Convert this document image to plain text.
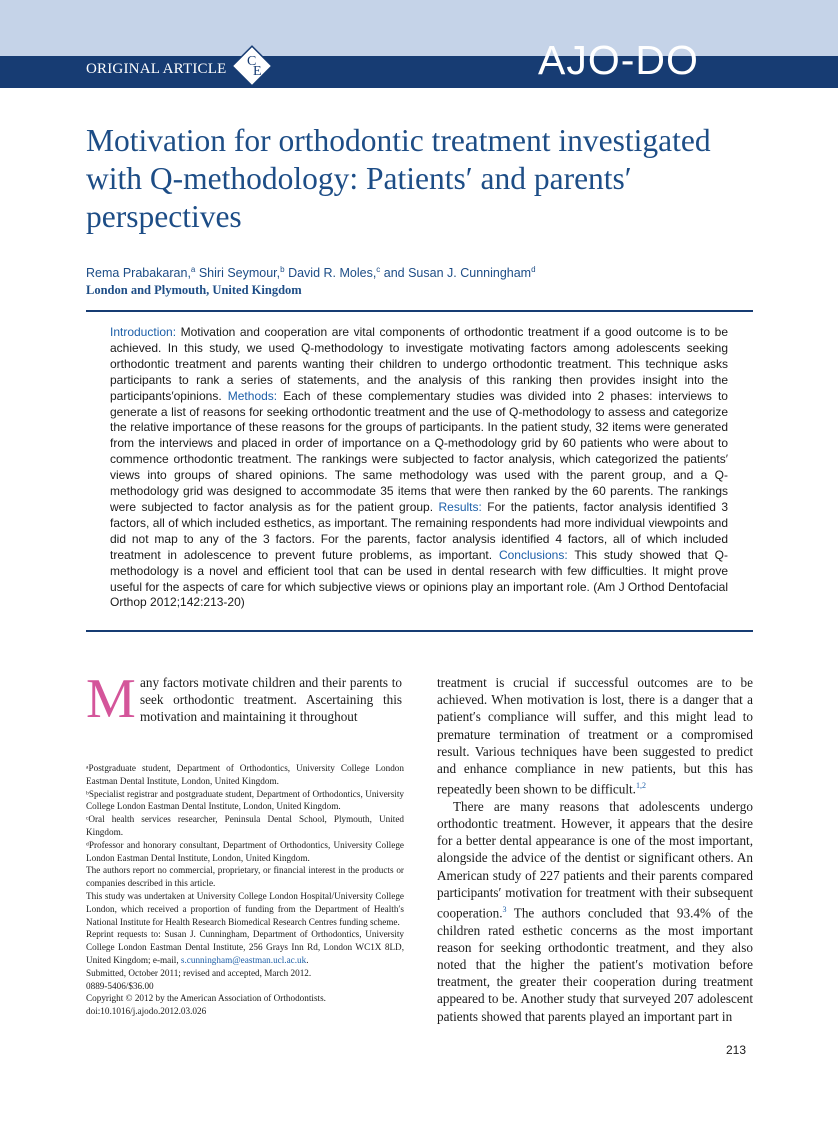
ORIGINAL ARTICLE C
E	AJO-DO
Motivation for orthodontic treatment investigated with Q-methodology: Patients′ and parents′ perspectives
Rema Prabakaran,$^a$ Shiri Seymour,$^b$ David R. Moles,$^c$ and Susan J. Cunningham$^d$
London and Plymouth, United Kingdom

Introduction: Motivation and cooperation are vital components of orthodontic treatment if a good outcome is to be achieved. In this study, we used Q-methodology to investigate motivating factors among adolescents seeking orthodontic treatment and parents wanting their children to undergo orthodontic treatment. This technique asks participants to rank a series of statements, and the analysis of this ranking then provides insight into the participants′opinions. Methods: Each of these complementary studies was divided into 2 phases: interviews to generate a list of reasons for seeking orthodontic treatment and the use of Q-methodology to assess and categorize the relative importance of these reasons for the groups of participants. In the patient study, 32 items were generated from the interviews and placed in order of importance on a Q-methodology grid by 60 patients who were about to commence orthodontic treatment. The rankings were subjected to factor analysis, which categorized the patients′ views into groups of shared opinions. The same methodology was used with the parent group, and a Q-methodology grid was designed to accommodate 35 items that were then ranked by the 60 parents. The rankings were subjected to factor analysis as for the patient group. Results: For the patients, factor analysis identified 3 factors, all of which included esthetics, as important. The remaining respondents had more individual viewpoints and did not map to any of the 3 factors. For the parents, factor analysis identified 4 factors, all of which included treatment in adolescence to prevent future problems, as important. Conclusions: This study showed that Q-methodology is a novel and efficient tool that can be used in dental research with few difficulties. It might prove useful for the aspects of care for which subjective views or opinions play an important role. (Am J Orthod Dentofacial Orthop 2012;142:213-20)

M any factors motivate children and their parents to seek orthodontic treatment. Ascertaining this motivation and maintaining it throughout

ᵃPostgraduate student, Department of Orthodontics, University College London Eastman Dental Institute, London, United Kingdom.

ᵇSpecialist registrar and postgraduate student, Department of Orthodontics, University College London Eastman Dental Institute, London, United Kingdom.

ᶜOral health services researcher, Peninsula Dental School, Plymouth, United Kingdom.

ᵈProfessor and honorary consultant, Department of Orthodontics, University College London Eastman Dental Institute, London, United Kingdom.

The authors report no commercial, proprietary, or financial interest in the products or companies described in this article.

This study was undertaken at University College London Hospital/University College London, which received a proportion of funding from the Department of Health′s National Institute for Health Research Biomedical Research Centres funding scheme.

Reprint requests to: Susan J. Cunningham, Department of Orthodontics, University College London Eastman Dental Institute, 256 Grays Inn Rd, London WC1X 8LD, United Kingdom; e-mail, s.cunningham@eastman.ucl.ac.uk.

Submitted, October 2011; revised and accepted, March 2012.

0889-5406/$36.00

Copyright © 2012 by the American Association of Orthodontists.

doi:10.1016/j.ajodo.2012.03.026

treatment is crucial if successful outcomes are to be achieved. When motivation is lost, there is a danger that a patient′s compliance will suffer, and this might lead to premature termination of treatment or a compromised result. Various techniques have been suggested to predict and enhance compliance in new patients, but this has repeatedly been shown to be difficult.$^{1,2}$

There are many reasons that adolescents undergo orthodontic treatment. However, it appears that the desire for a better dental appearance is one of the most important, alongside the advice of the dentist or significant others. An American study of 227 patients and their parents compared participants′ motivation for treatment with their subsequent cooperation.$^3$ The authors concluded that 93.4% of the children rated esthetic concerns as the most important reason for seeking orthodontic treatment, and they also noted that the higher the patient′s motivation before treatment, the greater their cooperation during treatment appeared to be. Another study that surveyed 207 adolescent patients showed that parents played an important part in

213
